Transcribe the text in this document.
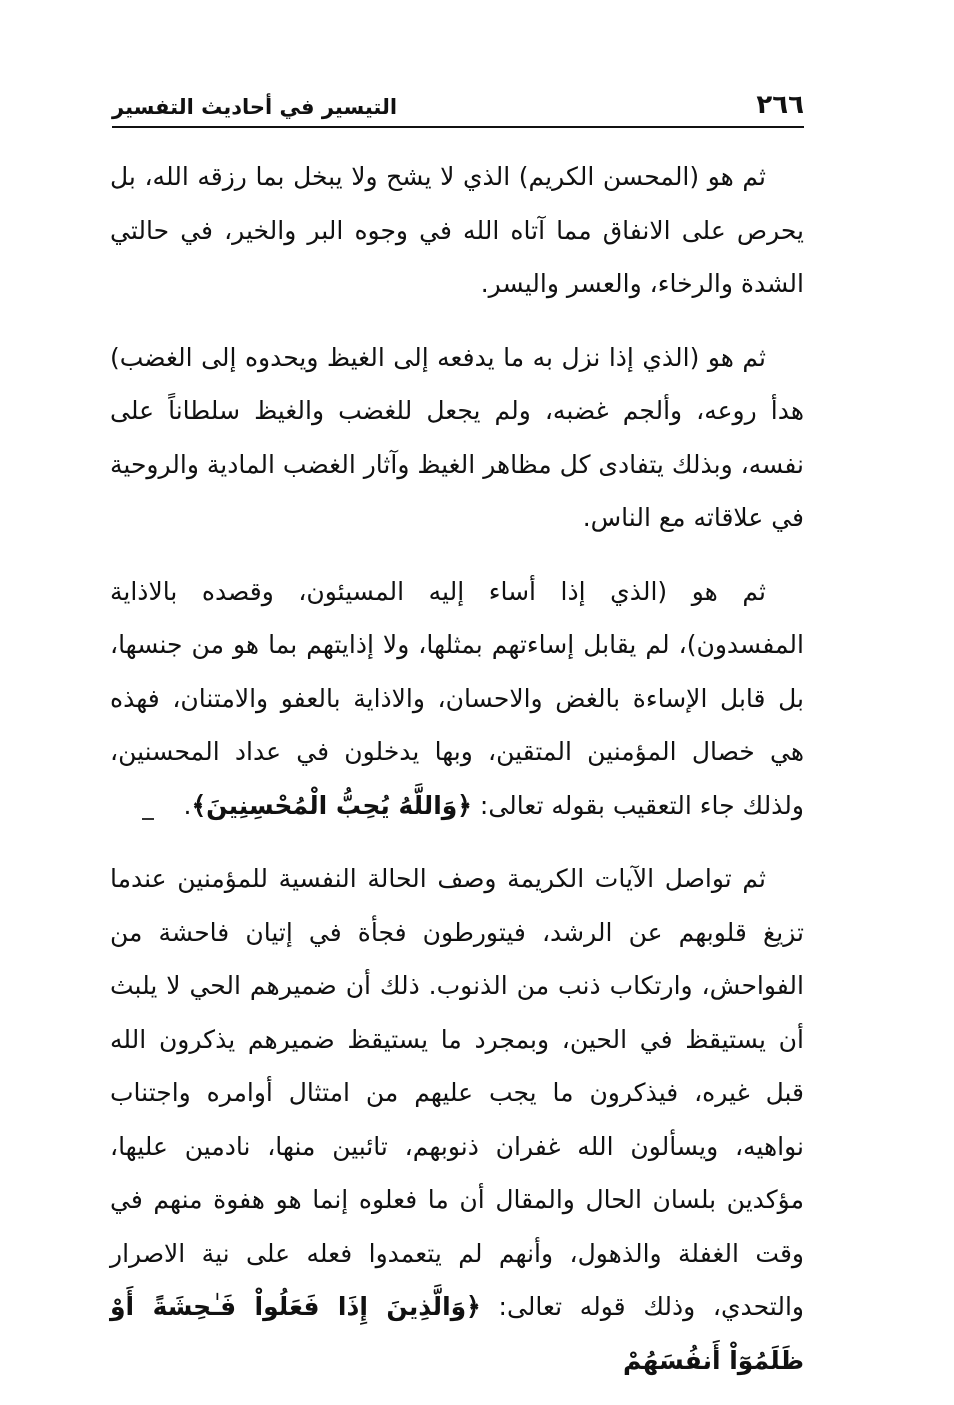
٢٦٦
التيسير في أحاديث التفسير

ثم هو (المحسن الكريم) الذي لا يشح ولا يبخل بما رزقه الله، بل يحرص على الانفاق مما آتاه الله في وجوه البر والخير، في حالتي الشدة والرخاء، والعسر واليسر.

ثم هو (الذي إذا نزل به ما يدفعه إلى الغيظ ويحدوه إلى الغضب) هدأ روعه، وألجم غضبه، ولم يجعل للغضب والغيظ سلطاناً على نفسه، وبذلك يتفادى كل مظاهر الغيظ وآثار الغضب المادية والروحية في علاقاته مع الناس.

ثم هو (الذي إذا أساء إليه المسيئون، وقصده بالاذاية المفسدون)، لم يقابل إساءتهم بمثلها، ولا إذايتهم بما هو من جنسها، بل قابل الإساءة بالغض والاحسان، والاذاية بالعفو والامتنان، فهذه هي خصال المؤمنين المتقين، وبها يدخلون في عداد المحسنين، ولذلك جاء التعقيب بقوله تعالى: ﴿وَاللَّهُ يُحِبُّ الْمُحْسِنِينَ﴾.

ثم تواصل الآيات الكريمة وصف الحالة النفسية للمؤمنين عندما تزيغ قلوبهم عن الرشد، فيتورطون فجأة في إتيان فاحشة من الفواحش، وارتكاب ذنب من الذنوب. ذلك أن ضميرهم الحي لا يلبث أن يستيقظ في الحين، وبمجرد ما يستيقظ ضميرهم يذكرون الله قبل غيره، فيذكرون ما يجب عليهم من امتثال أوامره واجتناب نواهيه، ويسألون الله غفران ذنوبهم، تائبين منها، نادمين عليها، مؤكدين بلسان الحال والمقال أن ما فعلوه إنما هو هفوة منهم في وقت الغفلة والذهول، وأنهم لم يتعمدوا فعله على نية الاصرار والتحدي، وذلك قوله تعالى: ﴿وَالَّذِينَ إِذَا فَعَلُواْ فَـٰحِشَةً أَوْ ظَلَمُوٓاْ أَنفُسَهُمْ
